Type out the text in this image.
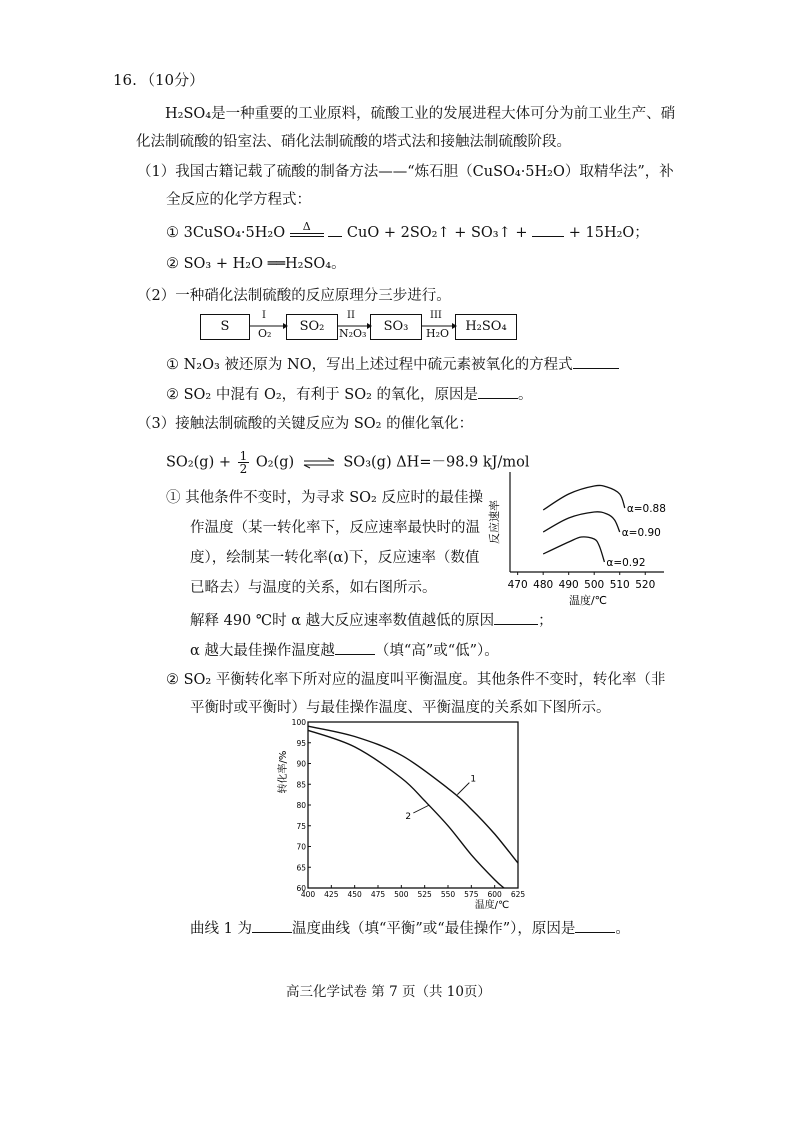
16. （10分）
H₂SO₄是一种重要的工业原料，硫酸工业的发展进程大体可分为前工业生产、硝
化法制硫酸的铅室法、硝化法制硫酸的塔式法和接触法制硫酸阶段。
（1）我国古籍记载了硫酸的制备方法——“炼石胆（CuSO₄·5H₂O）取精华法”，补
全反应的化学方程式：
① 3CuSO₄·5H₂O	Δ	CuO + 2SO₂↑ + SO₃↑ +	+ 15H₂O；
② SO₃ + H₂O ══H₂SO₄。
（2）一种硝化法制硫酸的反应原理分三步进行。
S	SO₂	SO₃	H₂SO₄
I
O₂
II
N₂O₃
III
H₂O
① N₂O₃ 被还原为 NO，写出上述过程中硫元素被氧化的方程式
② SO₂ 中混有 O₂，有利于 SO₂ 的氧化，原因是	。
（3）接触法制硫酸的关键反应为 SO₂ 的催化氧化：
$SO_2(g) + \frac{1}{2} O_2(g)$ ⇌ SO₃(g) ΔH=－98.9 kJ/mol
① 其他条件不变时，为寻求 SO₂ 反应时的最佳操
作温度（某一转化率下，反应速率最快时的温
度），绘制某一转化率(α)下，反应速率（数值
已略去）与温度的关系，如右图所示。
反应速率
470 480 490 500 510 520
温度/℃
α=0.88
α=0.90
α=0.92
解释 490 ℃时 α 越大反应速率数值越低的原因	；
α 越大最佳操作温度越	（填“高”或“低”）。
② SO₂ 平衡转化率下所对应的温度叫平衡温度。其他条件不变时，转化率（非
平衡时或平衡时）与最佳操作温度、平衡温度的关系如下图所示。
60
65
70
75
80
85
90
95
100
400 425 450 475 500 525 550 575 600 625
转化率/%
温度/℃
1
2
曲线 1 为	温度曲线（填“平衡”或“最佳操作”），原因是	。
高三化学试卷 第 7 页（共 10页）
